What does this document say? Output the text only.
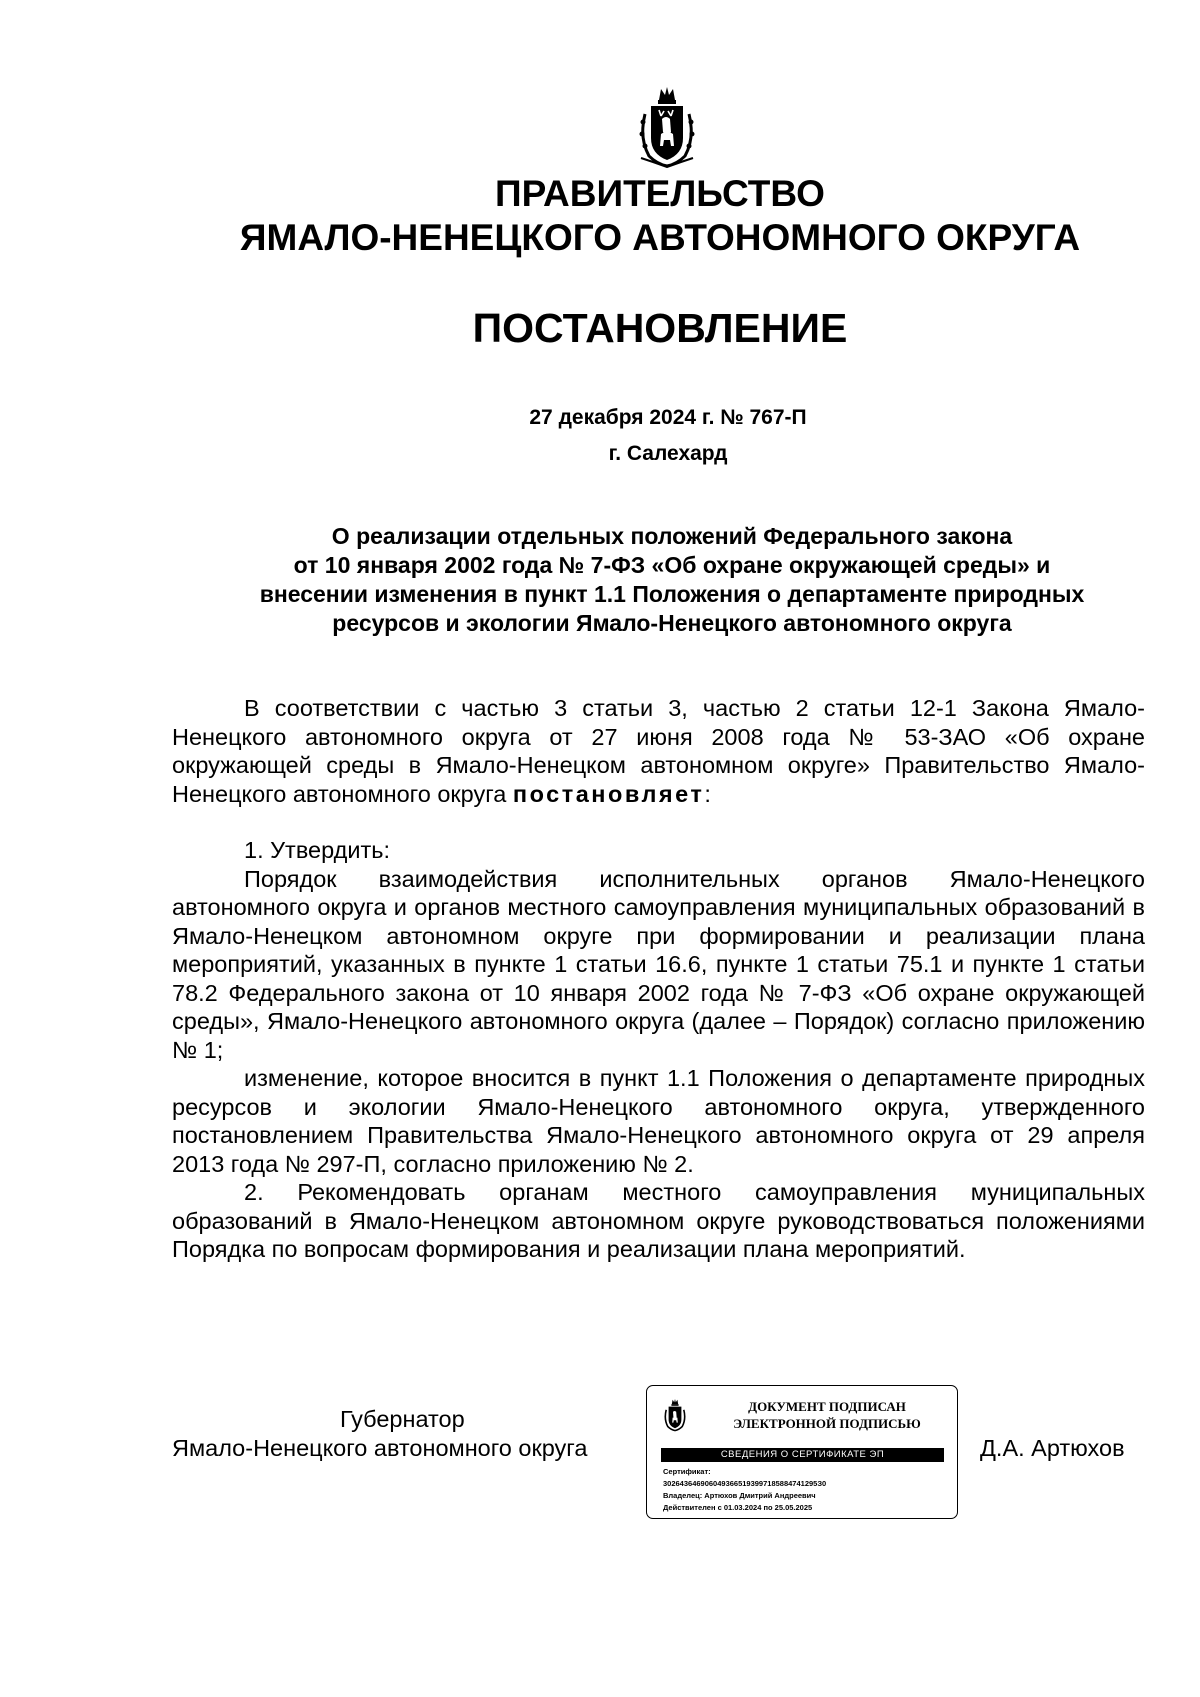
ПРАВИТЕЛЬСТВО
ЯМАЛО-НЕНЕЦКОГО АВТОНОМНОГО ОКРУГА
ПОСТАНОВЛЕНИЕ
27 декабря 2024 г. № 767-П
г. Салехард
О реализации отдельных положений Федерального закона
от 10 января 2002 года № 7-ФЗ «Об охране окружающей среды» и
внесении изменения в пункт 1.1 Положения о департаменте природных
ресурсов и экологии Ямало-Ненецкого автономного округа

В соответствии с частью 3 статьи 3, частью 2 статьи 12-1 Закона Ямало-Ненецкого автономного округа от 27 июня 2008 года № 53-ЗАО «Об охране окружающей среды в Ямало-Ненецком автономном округе» Правительство Ямало-Ненецкого автономного округа постановляет:

1. Утвердить:

Порядок взаимодействия исполнительных органов Ямало-Ненецкого автономного округа и органов местного самоуправления муниципальных образований в Ямало-Ненецком автономном округе при формировании и реализации плана мероприятий, указанных в пункте 1 статьи 16.6, пункте 1 статьи 75.1 и пункте 1 статьи 78.2 Федерального закона от 10 января 2002 года № 7-ФЗ «Об охране окружающей среды», Ямало-Ненецкого автономного округа (далее – Порядок) согласно приложению № 1;

изменение, которое вносится в пункт 1.1 Положения о департаменте природных ресурсов и экологии Ямало-Ненецкого автономного округа, утвержденного постановлением Правительства Ямало-Ненецкого автономного округа от 29 апреля 2013 года № 297-П, согласно приложению № 2.

2. Рекомендовать органам местного самоуправления муниципальных образований в Ямало-Ненецком автономном округе руководствоваться положениями Порядка по вопросам формирования и реализации плана мероприятий.

Губернатор
Ямало-Ненецкого автономного округа
ДОКУМЕНТ ПОДПИСАН
ЭЛЕКТРОННОЙ ПОДПИСЬЮ
СВЕДЕНИЯ О СЕРТИФИКАТЕ ЭП
Сертификат:
3026436469060493665193997185884741295З0
Владелец: Артюхов Дмитрий Андреевич
Действителен с 01.03.2024 по 25.05.2025
Д.А. Артюхов
